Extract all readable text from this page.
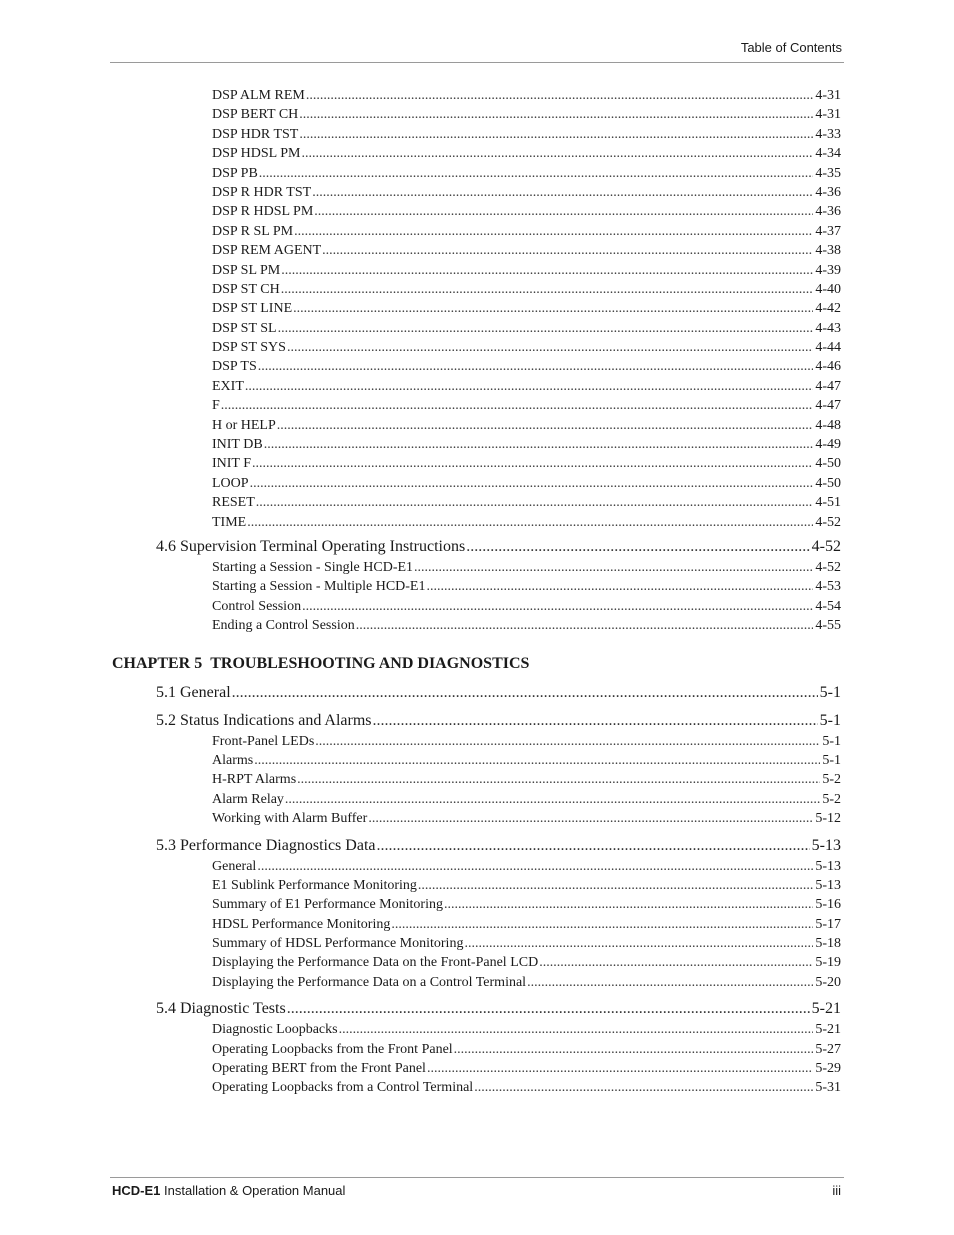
Table of Contents
DSP ALM REM .....	4-31
DSP BERT CH .....	4-31
DSP HDR TST .....	4-33
DSP HDSL PM .....	4-34
DSP PB .....	4-35
DSP R HDR TST .....	4-36
DSP R HDSL PM .....	4-36
DSP R SL PM .....	4-37
DSP REM AGENT .....	4-38
DSP SL PM .....	4-39
DSP ST CH .....	4-40
DSP ST LINE .....	4-42
DSP ST SL .....	4-43
DSP ST SYS .....	4-44
DSP TS .....	4-46
EXIT .....	4-47
F .....	4-47
H or HELP .....	4-48
INIT DB .....	4-49
INIT F .....	4-50
LOOP .....	4-50
RESET .....	4-51
TIME .....	4-52
4.6 Supervision Terminal Operating Instructions .....	4-52
Starting a Session - Single HCD-E1 .....	4-52
Starting a Session - Multiple HCD-E1 .....	4-53
Control Session .....	4-54
Ending a Control Session .....	4-55
CHAPTER 5 TROUBLESHOOTING AND DIAGNOSTICS
5.1 General .....	5-1
5.2 Status Indications and Alarms .....	5-1
Front-Panel LEDs .....	5-1
Alarms .....	5-1
H-RPT Alarms .....	5-2
Alarm Relay .....	5-2
Working with Alarm Buffer .....	5-12
5.3 Performance Diagnostics Data .....	5-13
General .....	5-13
E1 Sublink Performance Monitoring .....	5-13
Summary of E1 Performance Monitoring .....	5-16
HDSL Performance Monitoring .....	5-17
Summary of HDSL Performance Monitoring .....	5-18
Displaying the Performance Data on the Front-Panel LCD .....	5-19
Displaying the Performance Data on a Control Terminal .....	5-20
5.4 Diagnostic Tests .....	5-21
Diagnostic Loopbacks .....	5-21
Operating Loopbacks from the Front Panel .....	5-27
Operating BERT from the Front Panel .....	5-29
Operating Loopbacks from a Control Terminal .....	5-31
HCD-E1 Installation & Operation Manual	iii
